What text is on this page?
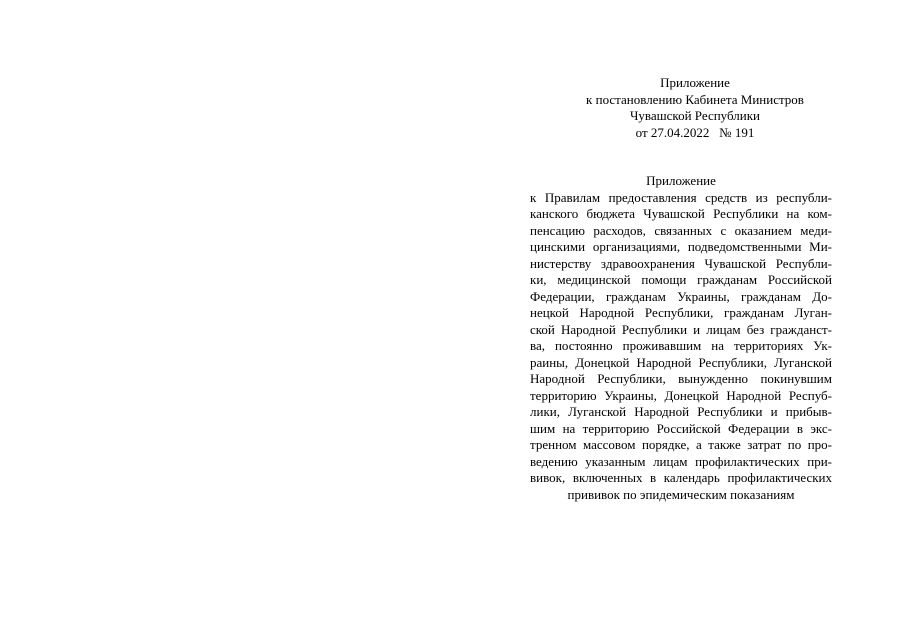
Приложение
к постановлению Кабинета Министров
Чувашской Республики
от 27.04.2022   № 191
Приложение
к Правилам предоставления средств из республи-
канского бюджета Чувашской Республики на ком-
пенсацию расходов, связанных с оказанием меди-
цинскими организациями, подведомственными Ми-
нистерству здравоохранения Чувашской Республи-
ки, медицинской помощи гражданам Российской
Федерации, гражданам Украины, гражданам До-
нецкой Народной Республики, гражданам Луган-
ской Народной Республики и лицам без гражданст-
ва, постоянно проживавшим на территориях Ук-
раины, Донецкой Народной Республики, Луганской
Народной Республики, вынужденно покинувшим
территорию Украины, Донецкой Народной Респуб-
лики, Луганской Народной Республики и прибыв-
шим на территорию Российской Федерации в экс-
тренном массовом порядке, а также затрат по про-
ведению указанным лицам профилактических при-
вивок, включенных в календарь профилактических
прививок по эпидемическим показаниям
